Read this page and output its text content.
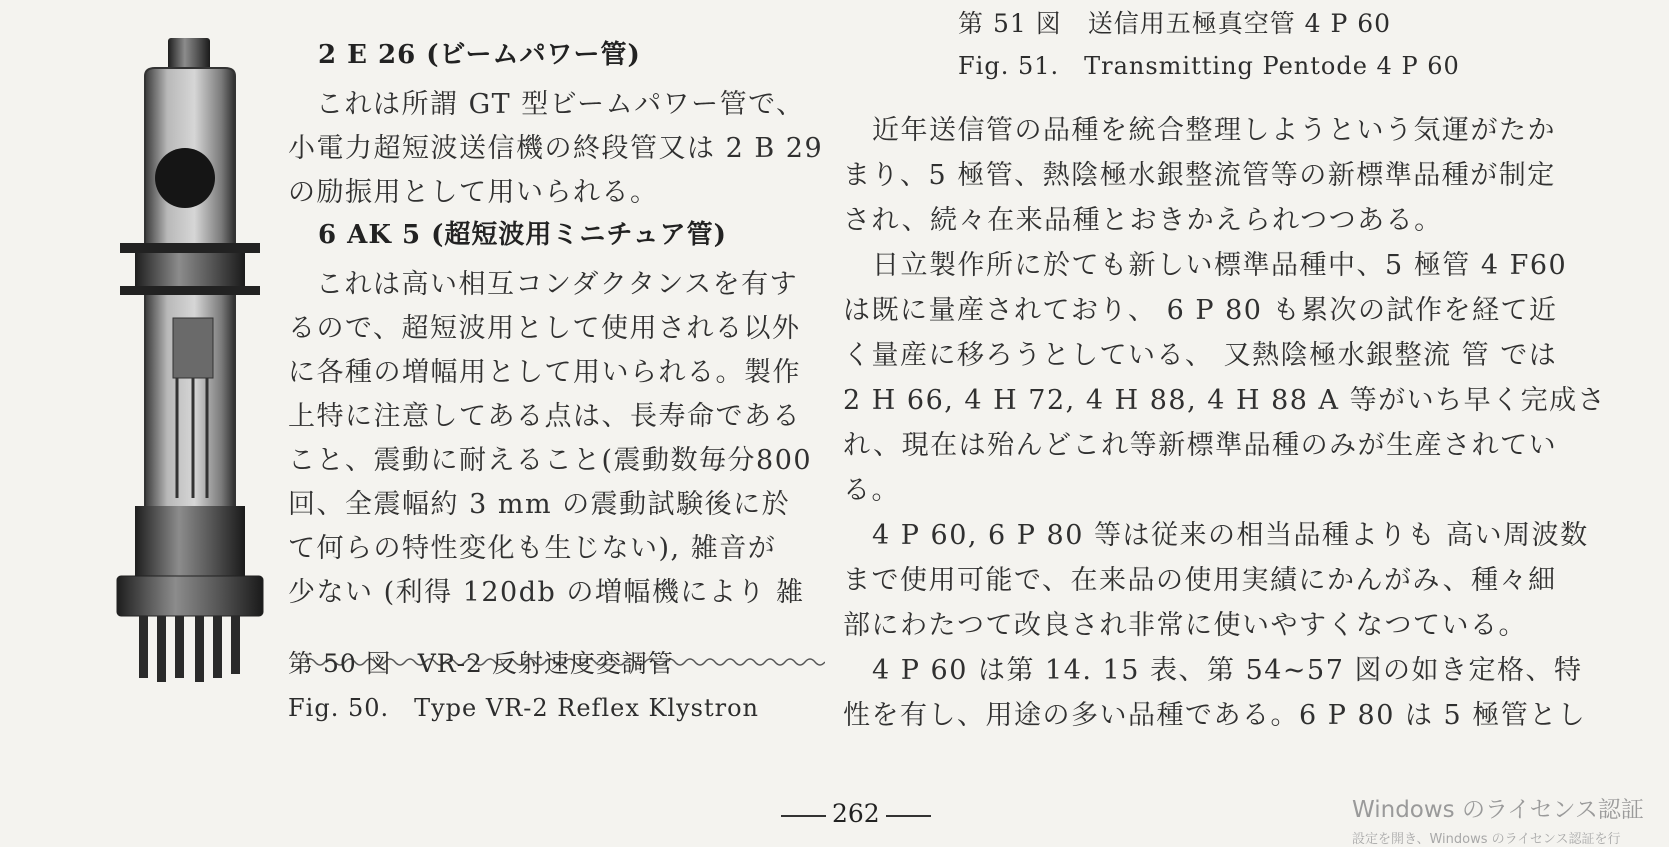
2 E 26 (ビームパワー管)
これは所謂 GT 型ビームパワー管で、
小電力超短波送信機の終段管又は 2 B 29
の励振用として用いられる。
6 AK 5 (超短波用ミニチュア管)
これは高い相互コンダクタンスを有す
るので、超短波用として使用される以外
に各種の増幅用として用いられる。製作
上特に注意してある点は、長寿命である
こと、震動に耐えること(震動数毎分800
回、全震幅約 3 mm の震動試験後に於
て何らの特性変化も生じない), 雑音が
少ない (利得 120db の増幅機により 雑
第 50 図　VR-2 反射速度変調管
Fig. 50.　Type VR-2 Reflex Klystron
第 51 図　送信用五極真空管 4 P 60
Fig. 51.　Transmitting Pentode 4 P 60
近年送信管の品種を統合整理しようという気運がたか
まり、5 極管、熱陰極水銀整流管等の新標準品種が制定
され、続々在来品種とおきかえられつつある。
日立製作所に於ても新しい標準品種中、5 極管 4 F60
は既に量産されており、 6 P 80 も累次の試作を経て近
く量産に移ろうとしている、 又熱陰極水銀整流 管 では
2 H 66, 4 H 72, 4 H 88, 4 H 88 A 等がいち早く完成さ
れ、現在は殆んどこれ等新標準品種のみが生産されてい
る。
4 P 60, 6 P 80 等は従来の相当品種よりも 高い周波数
まで使用可能で、在来品の使用実績にかんがみ、種々細
部にわたつて改良され非常に使いやすくなつている。
4 P 60 は第 14. 15 表、第 54~57 図の如き定格、特
性を有し、用途の多い品種である。6 P 80 は 5 極管とし
262	Windows のライセンス認証
設定を開き、Windows のライセンス認証を行
